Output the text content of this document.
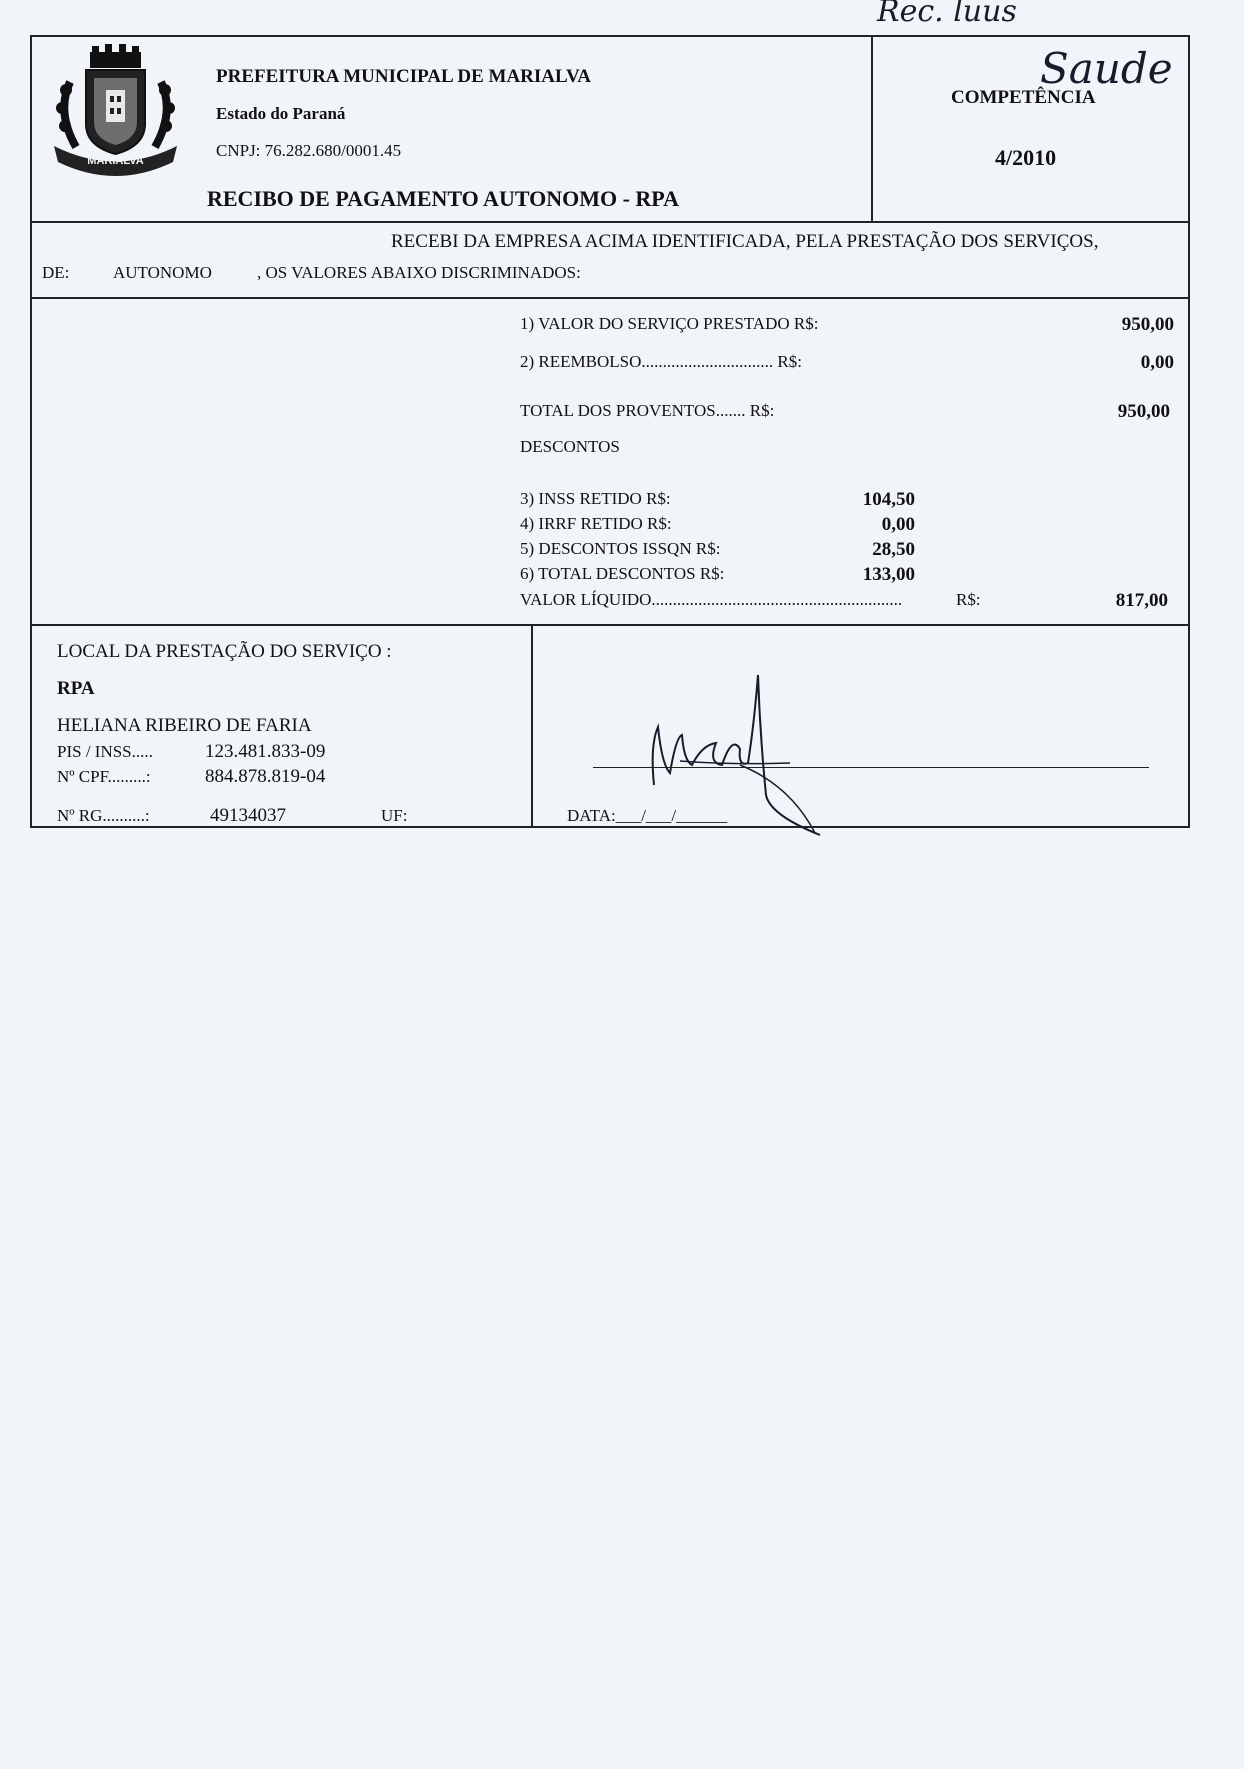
MARIALVA
PREFEITURA MUNICIPAL DE MARIALVA
Estado do Paraná
CNPJ: 76.282.680/0001.45
RECIBO DE PAGAMENTO AUTONOMO - RPA
COMPETÊNCIA
4/2010
Rec. luus
Saude
RECEBI DA EMPRESA ACIMA IDENTIFICADA, PELA PRESTAÇÃO DOS SERVIÇOS,
DE:	AUTONOMO	, OS VALORES ABAIXO DISCRIMINADOS:
1) VALOR DO SERVIÇO PRESTADO R$:	950,00
2) REEMBOLSO............................... R$:	0,00
TOTAL DOS PROVENTOS....... R$:	950,00
DESCONTOS
3) INSS RETIDO R$:	104,50
4) IRRF RETIDO R$:	0,00
5) DESCONTOS ISSQN R$:	28,50
6) TOTAL DESCONTOS R$:	133,00
VALOR LÍQUIDO...........................................................	R$:	817,00
LOCAL DA PRESTAÇÃO DO SERVIÇO :
RPA
HELIANA RIBEIRO DE FARIA
PIS / INSS.....	123.481.833-09
Nº CPF.........:	884.878.819-04
Nº RG..........:	49134037	UF:	DATA:___/___/______
